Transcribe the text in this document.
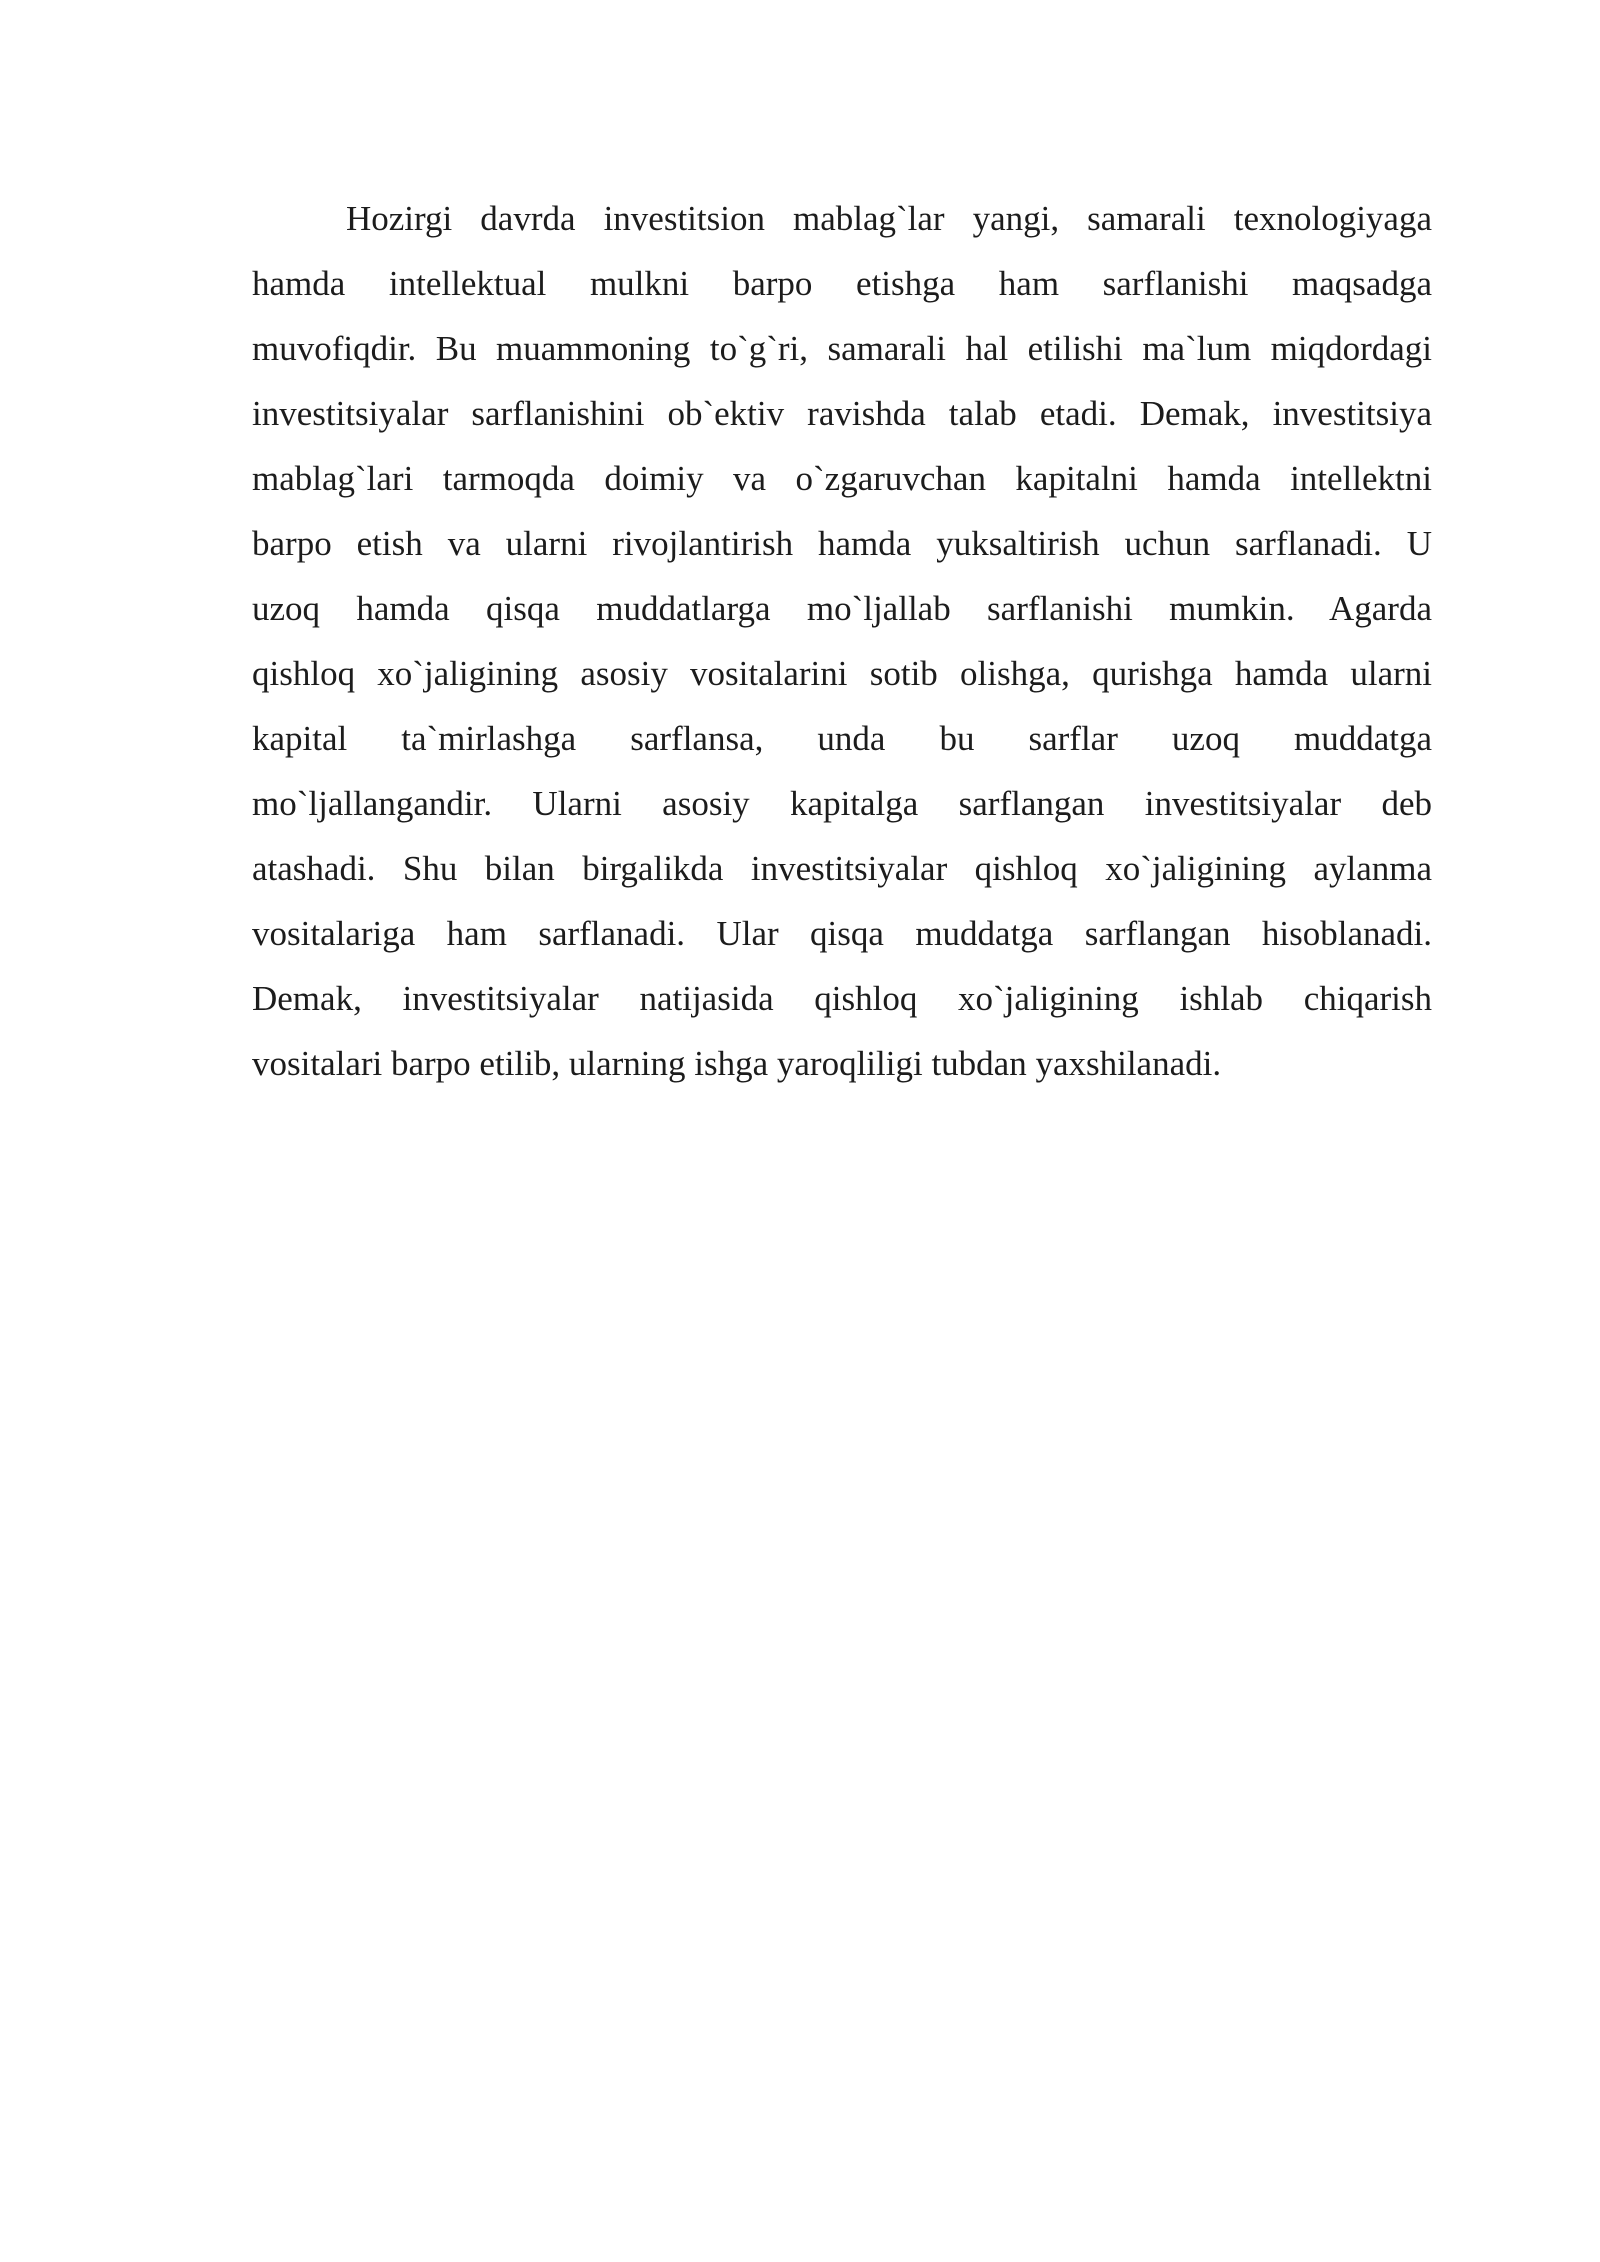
Hozirgi davrda investitsion mablag`lar yangi, samarali texnologiyaga
hamda intellektual mulkni barpo etishga ham sarflanishi maqsadga
muvofiqdir. Bu muammoning to`g`ri, samarali hal etilishi ma`lum miqdordagi
investitsiyalar sarflanishini ob`ektiv ravishda talab etadi. Demak, investitsiya
mablag`lari tarmoqda doimiy va o`zgaruvchan kapitalni hamda intellektni
barpo etish va ularni rivojlantirish hamda yuksaltirish uchun sarflanadi. U
uzoq hamda qisqa muddatlarga mo`ljallab sarflanishi mumkin. Agarda
qishloq xo`jaligining asosiy vositalarini sotib olishga, qurishga hamda ularni
kapital ta`mirlashga sarflansa, unda bu sarflar uzoq muddatga
mo`ljallangandir. Ularni asosiy kapitalga sarflangan investitsiyalar deb
atashadi. Shu bilan birgalikda investitsiyalar qishloq xo`jaligining aylanma
vositalariga ham sarflanadi. Ular qisqa muddatga sarflangan hisoblanadi.
Demak, investitsiyalar natijasida qishloq xo`jaligining ishlab chiqarish
vositalari barpo etilib, ularning ishga yaroqliligi tubdan yaxshilanadi.
